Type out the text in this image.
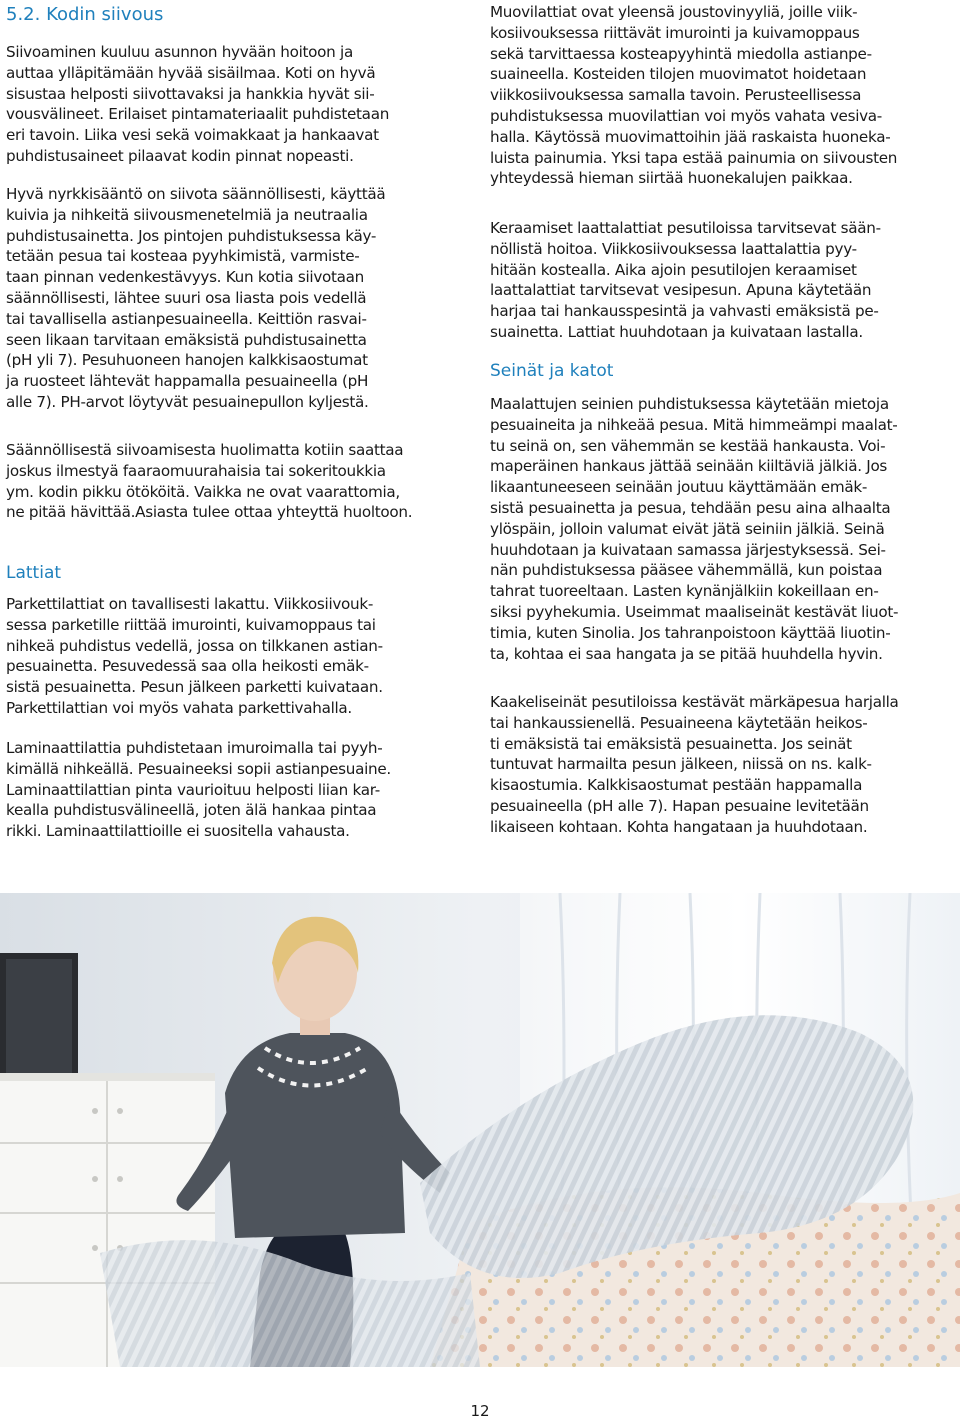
5.2. Kodin siivous

Siivoaminen kuuluu asunnon hyvään hoitoon ja
auttaa ylläpitämään hyvää sisäilmaa. Koti on hyvä
sisustaa helposti siivottavaksi ja hankkia hyvät sii-
vousvälineet. Erilaiset pintamateriaalit puhdistetaan
eri tavoin. Liika vesi sekä voimakkaat ja hankaavat
puhdistusaineet pilaavat kodin pinnat nopeasti.

Hyvä nyrkkisääntö on siivota säännöllisesti, käyttää
kuivia ja nihkeitä siivousmenetelmiä ja neutraalia
puhdistusainetta. Jos pintojen puhdistuksessa käy-
tetään pesua tai kosteaa pyyhkimistä, varmiste-
taan pinnan vedenkestävyys. Kun kotia siivotaan
säännöllisesti, lähtee suuri osa liasta pois vedellä
tai tavallisella astianpesuaineella. Keittiön rasvai-
seen likaan tarvitaan emäksistä puhdistusainetta
(pH yli 7). Pesuhuoneen hanojen kalkkisaostumat
ja ruosteet lähtevät happamalla pesuaineella (pH
alle 7). PH-arvot löytyvät pesuainepullon kyljestä.

Säännöllisestä siivoamisesta huolimatta kotiin saattaa
joskus ilmestyä faaraomuurahaisia tai sokeritoukkia
ym. kodin pikku ötököitä. Vaikka ne ovat vaarattomia,
ne pitää hävittää.Asiasta tulee ottaa yhteyttä huoltoon.

Lattiat

Parkettilattiat on tavallisesti lakattu. Viikkosiivouk-
sessa parketille riittää imurointi, kuivamoppaus tai
nihkeä puhdistus vedellä, jossa on tilkkanen astian-
pesuainetta. Pesuvedessä saa olla heikosti emäk-
sistä pesuainetta. Pesun jälkeen parketti kuivataan.
Parkettilattian voi myös vahata parkettivahalla.

Laminaattilattia puhdistetaan imuroimalla tai pyyh-
kimällä nihkeällä. Pesuaineeksi sopii astianpesuaine.
Laminaattilattian pinta vaurioituu helposti liian kar-
kealla puhdistusvälineellä, joten älä hankaa pintaa
rikki. Laminaattilattioille ei suositella vahausta.

Muovilattiat ovat yleensä joustovinyyliä, joille viik-
kosiivouksessa riittävät imurointi ja kuivamoppaus
sekä tarvittaessa kosteapyyhintä miedolla astianpe-
suaineella. Kosteiden tilojen muovimatot hoidetaan
viikkosiivouksessa samalla tavoin. Perusteellisessa
puhdistuksessa muovilattian voi myös vahata vesiva-
halla. Käytössä muovimattoihin jää raskaista huoneka-
luista painumia. Yksi tapa estää painumia on siivousten
yhteydessä hieman siirtää huonekalujen paikkaa.

Keraamiset laattalattiat pesutiloissa tarvitsevat sään-
nöllistä hoitoa. Viikkosiivouksessa laattalattia pyy-
hitään kostealla. Aika ajoin pesutilojen keraamiset
laattalattiat tarvitsevat vesipesun. Apuna käytetään
harjaa tai hankausspesintä ja vahvasti emäksistä pe-
suainetta. Lattiat huuhdotaan ja kuivataan lastalla.

Seinät ja katot

Maalattujen seinien puhdistuksessa käytetään mietoja
pesuaineita ja nihkeää pesua. Mitä himmeämpi maalat-
tu seinä on, sen vähemmän se kestää hankausta. Voi-
maperäinen hankaus jättää seinään kiiltäviä jälkiä. Jos
likaantuneeseen seinään joutuu käyttämään emäk-
sistä pesuainetta ja pesua, tehdään pesu aina alhaalta
ylöspäin, jolloin valumat eivät jätä seiniin jälkiä. Seinä
huuhdotaan ja kuivataan samassa järjestyksessä. Sei-
nän puhdistuksessa pääsee vähemmällä, kun poistaa
tahrat tuoreeltaan. Lasten kynänjälkiin kokeillaan en-
siksi pyyhekumia. Useimmat maaliseinät kestävät liuot-
timia, kuten Sinolia. Jos tahranpoistoon käyttää liuotin-
ta, kohtaa ei saa hangata ja se pitää huuhdella hyvin.

Kaakeliseinät pesutiloissa kestävät märkäpesua harjalla
tai hankaussienellä. Pesuaineena käytetään heikos-
ti emäksistä tai emäksistä pesuainetta. Jos seinät
tuntuvat harmailta pesun jälkeen, niissä on ns. kalk-
kisaostumia. Kalkkisaostumat pestään happamalla
pesuaineella (pH alle 7). Hapan pesuaine levitetään
likaiseen kohtaan. Kohta hangataan ja huuhdotaan.

12
